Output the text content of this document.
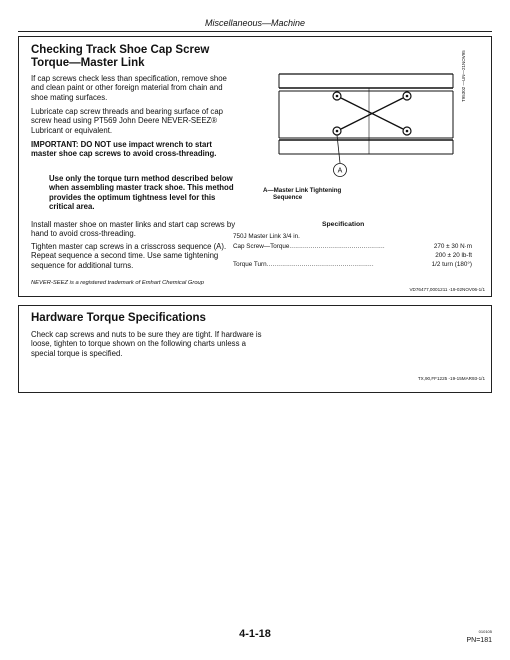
Miscellaneous—Machine
Checking Track Shoe Cap Screw
Torque—Master Link

If cap screws check less than specification, remove shoe and clean paint or other foreign material from chain and shoe mating surfaces.

Lubricate cap screw threads and bearing surface of cap screw head using PT569 John Deere NEVER-SEEZ® Lubricant or equivalent.

IMPORTANT: DO NOT use impact wrench to start master shoe cap screws to avoid cross-threading.

Use only the torque turn method described below when assembling master track shoe. This method provides the optimum tightness level for this critical area.

Install master shoe on master links and start cap screws by hand to avoid cross-threading.

Tighten master cap screws in a crisscross sequence (A). Repeat sequence a second time. Use same tightening sequence for additional turns.

NEVER-SEEZ is a registered trademark of Emhart Chemical Group
A
T95302 —UN—21NOV95
A—Master Link Tightening
Sequence
VD76477,0001211 -19-02NOV06-1/1
Specification
750J Master Link 3/4 in.
Cap Screw—Torque.................................................	270 ± 30 N·m
200 ± 20 lb-ft
Torque Turn.......................................................	1/2 turn (180°)
Hardware Torque Specifications

Check cap screws and nuts to be sure they are tight. If hardware is loose, tighten to torque shown on the following charts unless a special torque is specified.

TX,90,FF1225 -19-15MAR93-1/1
4-1-18	010105
PN=181
